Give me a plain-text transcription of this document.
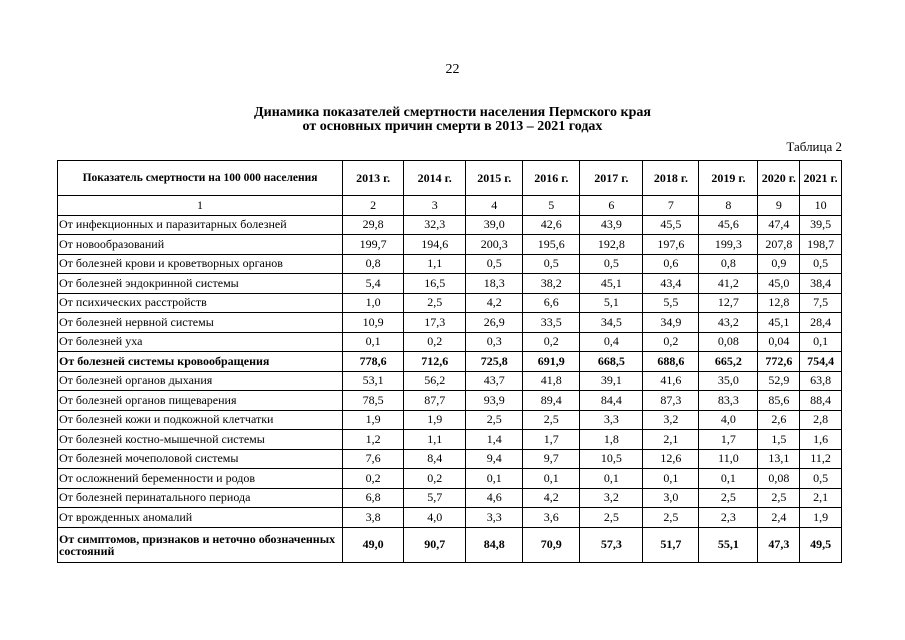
22
Динамика показателей смертности населения Пермского края
от основных причин смерти в 2013 – 2021 годах
Таблица 2
Показатель смертности на 100 000 населения	2013 г.	2014 г.	2015 г.	2016 г.	2017 г.	2018 г.	2019 г.	2020 г.	2021 г.
1	2	3	4	5	6	7	8	9	10
От инфекционных и паразитарных болезней	29,8	32,3	39,0	42,6	43,9	45,5	45,6	47,4	39,5
От новообразований	199,7	194,6	200,3	195,6	192,8	197,6	199,3	207,8	198,7
От болезней крови и кроветворных органов	0,8	1,1	0,5	0,5	0,5	0,6	0,8	0,9	0,5
От болезней эндокринной системы	5,4	16,5	18,3	38,2	45,1	43,4	41,2	45,0	38,4
От психических расстройств	1,0	2,5	4,2	6,6	5,1	5,5	12,7	12,8	7,5
От болезней нервной системы	10,9	17,3	26,9	33,5	34,5	34,9	43,2	45,1	28,4
От болезней уха	0,1	0,2	0,3	0,2	0,4	0,2	0,08	0,04	0,1
От болезней системы кровообращения	778,6	712,6	725,8	691,9	668,5	688,6	665,2	772,6	754,4
От болезней органов дыхания	53,1	56,2	43,7	41,8	39,1	41,6	35,0	52,9	63,8
От болезней органов пищеварения	78,5	87,7	93,9	89,4	84,4	87,3	83,3	85,6	88,4
От болезней кожи и подкожной клетчатки	1,9	1,9	2,5	2,5	3,3	3,2	4,0	2,6	2,8
От болезней костно-мышечной системы	1,2	1,1	1,4	1,7	1,8	2,1	1,7	1,5	1,6
От болезней мочеполовой системы	7,6	8,4	9,4	9,7	10,5	12,6	11,0	13,1	11,2
От осложнений беременности и родов	0,2	0,2	0,1	0,1	0,1	0,1	0,1	0,08	0,5
От болезней перинатального периода	6,8	5,7	4,6	4,2	3,2	3,0	2,5	2,5	2,1
От врожденных аномалий	3,8	4,0	3,3	3,6	2,5	2,5	2,3	2,4	1,9
От симптомов, признаков и неточно обозначенных состояний	49,0	90,7	84,8	70,9	57,3	51,7	55,1	47,3	49,5
